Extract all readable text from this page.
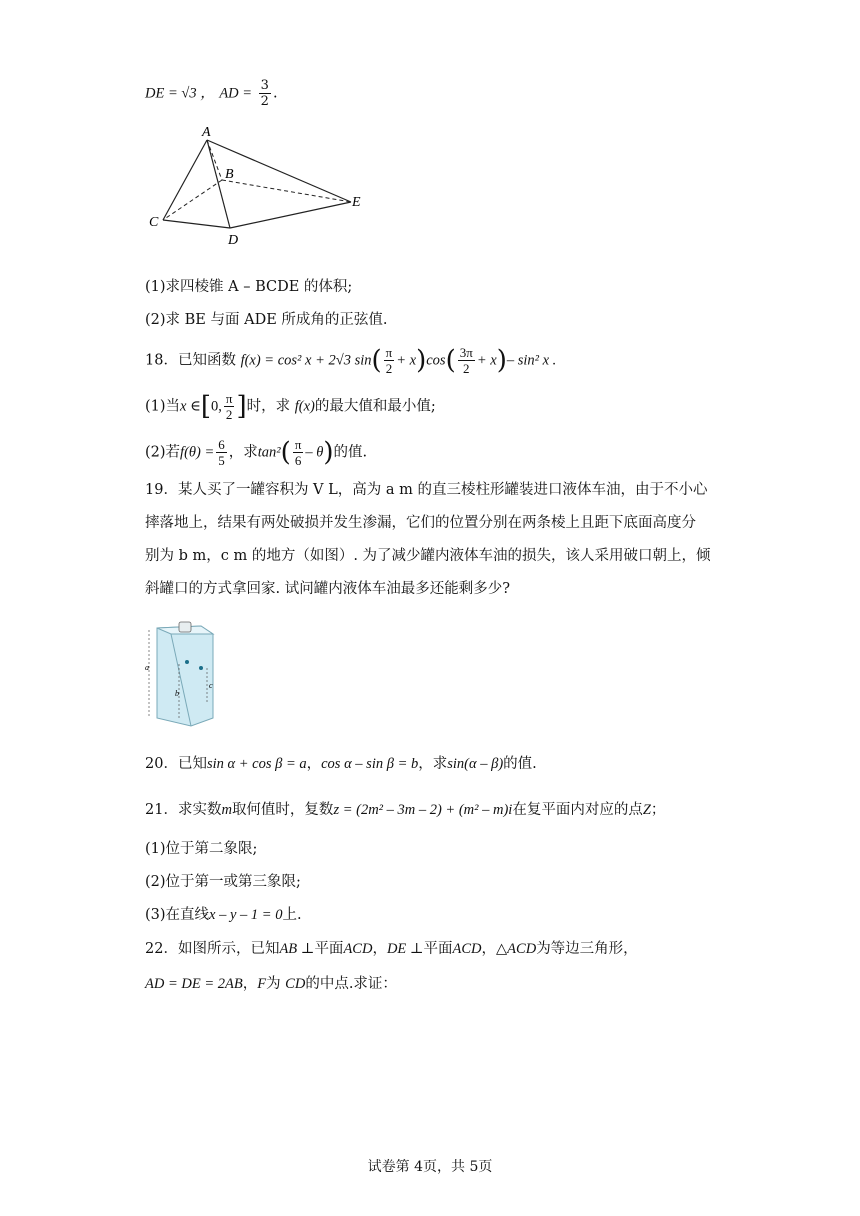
DE = √3 ， AD = $\frac{3}{2}$ .
A
B
C
D
E
(1)求四棱锥 A – BCDE 的体积;
(2)求 BE 与面 ADE 所成角的正弦值.
18．已知函数 f(x) = cos² x + 2√3 $\sin( \frac{\pi}{2} + x)\cos( \frac{3\pi}{2} + x)-$ sin² x .
(1)当x ∈[0, $\frac{\pi}{2}$ ]时，求 f(x)的最大值和最小值;
(2)若$f(\theta) = \frac{6}{5}$ ，求$\tan^2( \frac{\pi}{6} - \theta)$的值.
19．某人买了一罐容积为 V L，高为 a m 的直三棱柱形罐装进口液体车油，由于不小心
摔落地上，结果有两处破损并发生渗漏，它们的位置分别在两条棱上且距下底面高度分
别为 b m，c m 的地方（如图）. 为了减少罐内液体车油的损失，该人采用破口朝上，倾
斜罐口的方式拿回家. 试问罐内液体车油最多还能剩多少?
a
b
c
20．已知sin α + cos β = a，cos α – sin β = b，求sin(α – β)的值.
21．求实数m取何值时，复数z = (2m² – 3m – 2) + (m² – m)i在复平面内对应的点Z；
(1)位于第二象限;
(2)位于第一或第三象限;
(3)在直线x – y – 1 = 0上.
22．如图所示，已知AB ⊥平面ACD，DE ⊥平面ACD，△ACD为等边三角形，
AD = DE = 2AB，F为 CD的中点.求证：
试卷第 4页，共 5页
